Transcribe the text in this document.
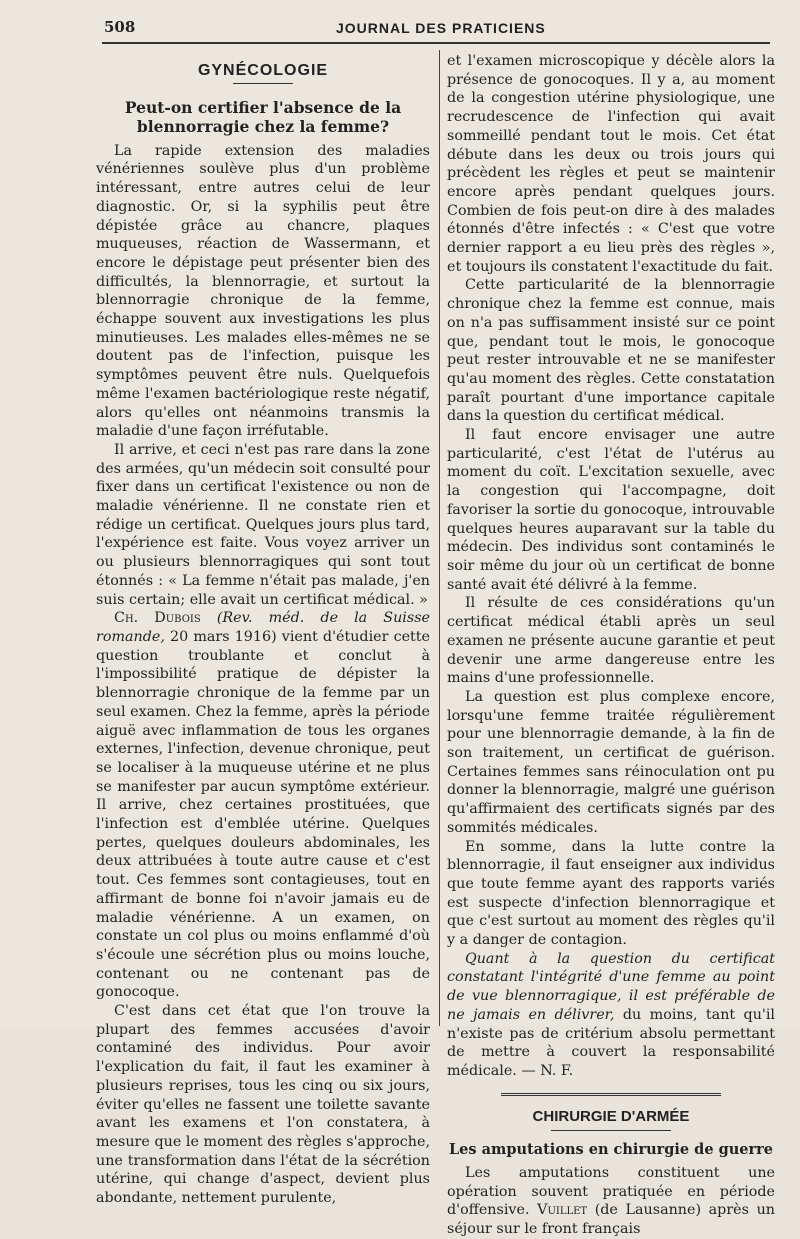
508	JOURNAL DES PRATICIENS
GYNÉCOLOGIE
Peut-on certifier l'absence de la blennorragie chez la femme?

La rapide extension des maladies vénériennes soulève plus d'un problème intéressant, entre autres celui de leur diagnostic. Or, si la syphilis peut être dépistée grâce au chancre, plaques muqueuses, réaction de Wassermann, et encore le dépistage peut présenter bien des difficultés, la blennorragie, et surtout la blennorragie chronique de la femme, échappe souvent aux investigations les plus minutieuses. Les malades elles-mêmes ne se doutent pas de l'infection, puisque les symptômes peuvent être nuls. Quelquefois même l'examen bactériologique reste négatif, alors qu'elles ont néanmoins transmis la maladie d'une façon irréfutable.

Il arrive, et ceci n'est pas rare dans la zone des armées, qu'un médecin soit consulté pour fixer dans un certificat l'existence ou non de maladie vénérienne. Il ne constate rien et rédige un certificat. Quelques jours plus tard, l'expérience est faite. Vous voyez arriver un ou plusieurs blennorragiques qui sont tout étonnés : « La femme n'était pas malade, j'en suis certain; elle avait un certificat médical. »

Ch. Dubois (Rev. méd. de la Suisse romande, 20 mars 1916) vient d'étudier cette question troublante et conclut à l'impossibilité pratique de dépister la blennorragie chronique de la femme par un seul examen. Chez la femme, après la période aiguë avec inflammation de tous les organes externes, l'infection, devenue chronique, peut se localiser à la muqueuse utérine et ne plus se manifester par aucun symptôme extérieur. Il arrive, chez certaines prostituées, que l'infection est d'emblée utérine. Quelques pertes, quelques douleurs abdominales, les deux attribuées à toute autre cause et c'est tout. Ces femmes sont contagieuses, tout en affirmant de bonne foi n'avoir jamais eu de maladie vénérienne. A un examen, on constate un col plus ou moins enflammé d'où s'écoule une sécrétion plus ou moins louche, contenant ou ne contenant pas de gonocoque.

C'est dans cet état que l'on trouve la plupart des femmes accusées d'avoir contaminé des individus. Pour avoir l'explication du fait, il faut les examiner à plusieurs reprises, tous les cinq ou six jours, éviter qu'elles ne fassent une toilette savante avant les examens et l'on constatera, à mesure que le moment des règles s'approche, une transformation dans l'état de la sécrétion utérine, qui change d'aspect, devient plus abondante, nettement purulente,

et l'examen microscopique y décèle alors la présence de gonocoques. Il y a, au moment de la congestion utérine physiologique, une recrudescence de l'infection qui avait sommeillé pendant tout le mois. Cet état débute dans les deux ou trois jours qui précèdent les règles et peut se maintenir encore après pendant quelques jours. Combien de fois peut-on dire à des malades étonnés d'être infectés : « C'est que votre dernier rapport a eu lieu près des règles », et toujours ils constatent l'exactitude du fait.

Cette particularité de la blennorragie chronique chez la femme est connue, mais on n'a pas suffisamment insisté sur ce point que, pendant tout le mois, le gonocoque peut rester introuvable et ne se manifester qu'au moment des règles. Cette constatation paraît pourtant d'une importance capitale dans la question du certificat médical.

Il faut encore envisager une autre particularité, c'est l'état de l'utérus au moment du coït. L'excitation sexuelle, avec la congestion qui l'accompagne, doit favoriser la sortie du gonocoque, introuvable quelques heures auparavant sur la table du médecin. Des individus sont contaminés le soir même du jour où un certificat de bonne santé avait été délivré à la femme.

Il résulte de ces considérations qu'un certificat médical établi après un seul examen ne présente aucune garantie et peut devenir une arme dangereuse entre les mains d'une professionnelle.

La question est plus complexe encore, lorsqu'une femme traitée régulièrement pour une blennorragie demande, à la fin de son traitement, un certificat de guérison. Certaines femmes sans réinoculation ont pu donner la blennorragie, malgré une guérison qu'affirmaient des certificats signés par des sommités médicales.

En somme, dans la lutte contre la blennorragie, il faut enseigner aux individus que toute femme ayant des rapports variés est suspecte d'infection blennorragique et que c'est surtout au moment des règles qu'il y a danger de contagion.

Quant à la question du certificat constatant l'intégrité d'une femme au point de vue blennorragique, il est préférable de ne jamais en délivrer, du moins, tant qu'il n'existe pas de critérium absolu permettant de mettre à couvert la responsabilité médicale. — N. F.

CHIRURGIE D'ARMÉE
Les amputations en chirurgie de guerre

Les amputations constituent une opération souvent pratiquée en période d'offensive. Vuillet (de Lausanne) après un séjour sur le front français
